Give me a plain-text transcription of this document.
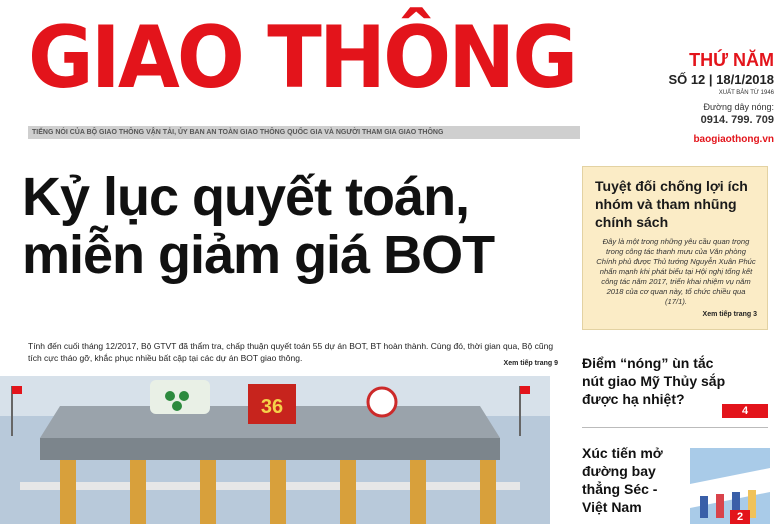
GIAO THÔNG
TIẾNG NÓI CỦA BỘ GIAO THÔNG VẬN TẢI, ỦY BAN AN TOÀN GIAO THÔNG QUỐC GIA VÀ NGƯỜI THAM GIA GIAO THÔNG
THỨ NĂM
SỐ 12 | 18/1/2018
XUẤT BẢN TỪ 1946
Đường dây nóng:
0914. 799. 709
baogiaothong.vn
Kỷ lục quyết toán,
miễn giảm giá BOT
Tính đến cuối tháng 12/2017, Bộ GTVT đã thẩm tra, chấp thuận quyết toán 55 dự án BOT, BT hoàn thành. Cùng đó, thời gian qua, Bộ cũng tích cực tháo gỡ, khắc phục nhiều bất cập tại các dự án BOT giao thông.
Xem tiếp trang 9
36
Tuyệt đối chống lợi ích nhóm và tham nhũng chính sách
Đây là một trong những yêu cầu quan trọng trong công tác thanh mưu của Văn phòng Chính phủ được Thủ tướng Nguyễn Xuân Phúc nhấn mạnh khi phát biểu tại Hội nghị tổng kết công tác năm 2017, triển khai nhiệm vụ năm 2018 của cơ quan này, tổ chức chiều qua (17/1).
Xem tiếp trang 3
Điểm “nóng” ùn tắc nút giao Mỹ Thủy sắp được hạ nhiệt?
4
Xúc tiến mở đường bay thẳng Séc - Việt Nam
2
